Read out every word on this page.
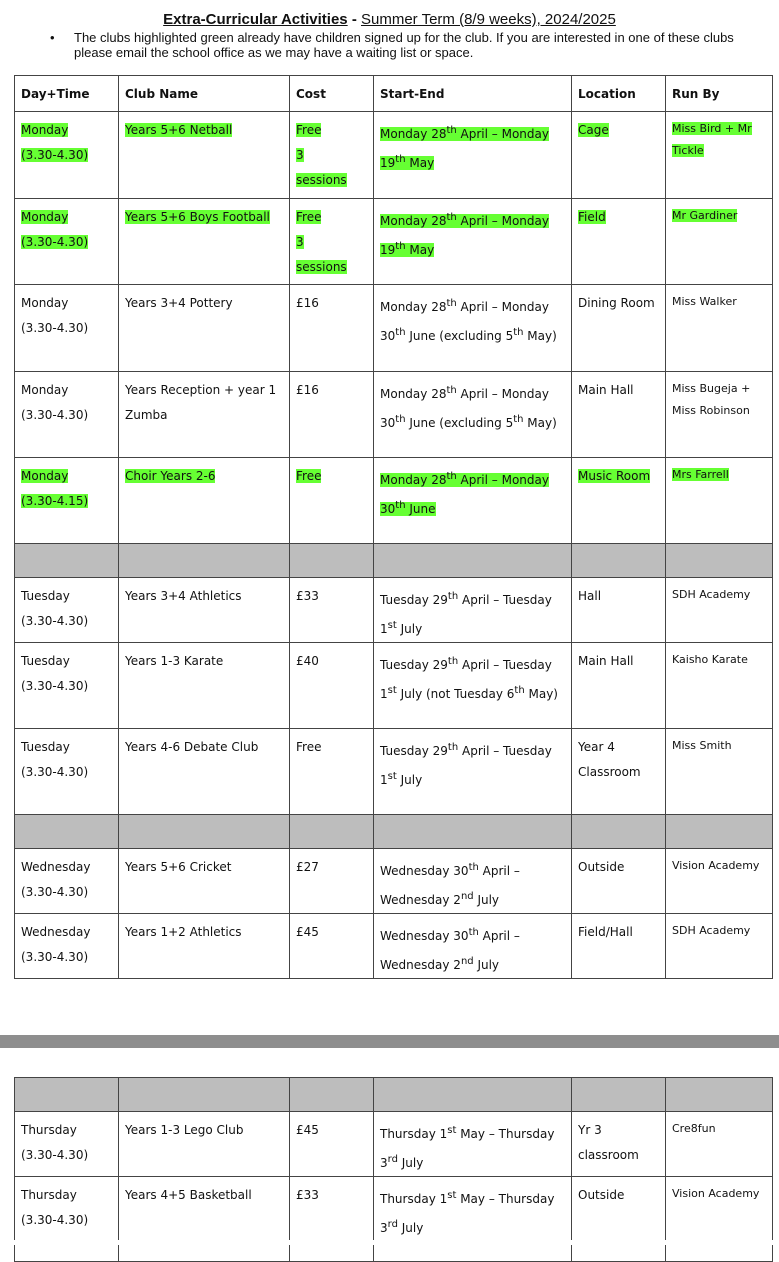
Extra-Curricular Activities - Summer Term (8/9 weeks), 2024/2025
• The clubs highlighted green already have children signed up for the club. If you are interested in one of these clubs please email the school office as we may have a waiting list or space.
Day+Time	Club Name	Cost	Start-End	Location	Run By
Monday
(3.30-4.30)	Years 5+6 Netball	Free
3
sessions	Monday 28th April – Monday
19th May	Cage	Miss Bird + Mr Tickle
Monday
(3.30-4.30)	Years 5+6 Boys Football	Free
3
sessions	Monday 28th April – Monday
19th May	Field	Mr Gardiner
Monday
(3.30-4.30)	Years 3+4 Pottery	£16	Monday 28th April – Monday 30th June (excluding 5th May)	Dining Room	Miss Walker
Monday
(3.30-4.30)	Years Reception + year 1 Zumba	£16	Monday 28th April – Monday 30th June (excluding 5th May)	Main Hall	Miss Bugeja + Miss Robinson
Monday
(3.30-4.15)	Choir Years 2-6	Free	Monday 28th April – Monday 30th June	Music Room	Mrs Farrell

Tuesday
(3.30-4.30)	Years 3+4 Athletics	£33	Tuesday 29th April – Tuesday 1st July	Hall	SDH Academy
Tuesday
(3.30-4.30)	Years 1-3 Karate	£40	Tuesday 29th April – Tuesday 1st July (not Tuesday 6th May)	Main Hall	Kaisho Karate
Tuesday
(3.30-4.30)	Years 4-6 Debate Club	Free	Tuesday 29th April – Tuesday 1st July	Year 4 Classroom	Miss Smith

Wednesday
(3.30-4.30)	Years 5+6 Cricket	£27	Wednesday 30th April – Wednesday 2nd July	Outside	Vision Academy
Wednesday
(3.30-4.30)	Years 1+2 Athletics	£45	Wednesday 30th April – Wednesday 2nd July	Field/Hall	SDH Academy

Thursday
(3.30-4.30)	Years 1-3 Lego Club	£45	Thursday 1st May – Thursday 3rd July	Yr 3 classroom	Cre8fun
Thursday
(3.30-4.30)	Years 4+5 Basketball	£33	Thursday 1st May – Thursday 3rd July	Outside	Vision Academy
